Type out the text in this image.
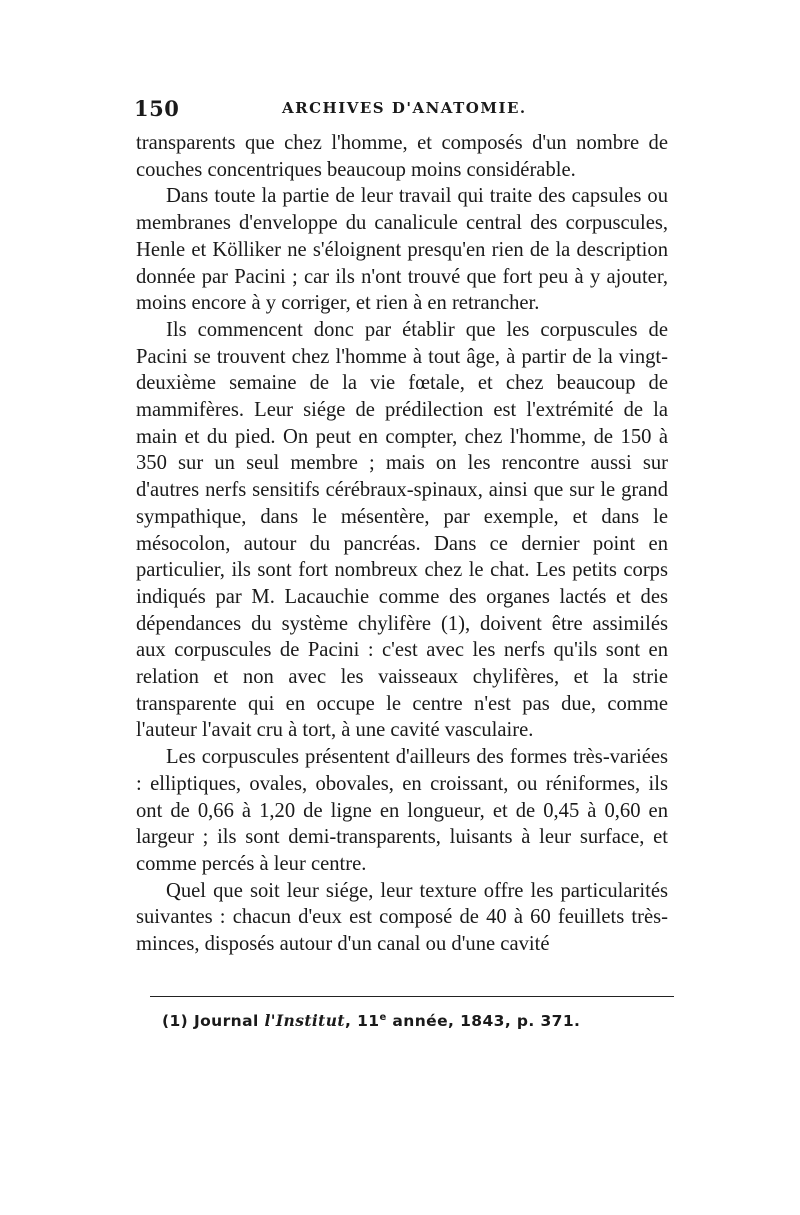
150	ARCHIVES D'ANATOMIE.

transparents que chez l'homme, et composés d'un nombre de couches concentriques beaucoup moins considérable.

Dans toute la partie de leur travail qui traite des capsules ou membranes d'enveloppe du canalicule central des corpuscules, Henle et Kölliker ne s'éloignent presqu'en rien de la description donnée par Pacini ; car ils n'ont trouvé que fort peu à y ajouter, moins encore à y corriger, et rien à en retrancher.

Ils commencent donc par établir que les corpuscules de Pacini se trouvent chez l'homme à tout âge, à partir de la vingt-deuxième semaine de la vie fœtale, et chez beaucoup de mammifères. Leur siége de prédilection est l'extrémité de la main et du pied. On peut en compter, chez l'homme, de 150 à 350 sur un seul membre ; mais on les rencontre aussi sur d'autres nerfs sensitifs cérébraux-spinaux, ainsi que sur le grand sympathique, dans le mésentère, par exemple, et dans le mésocolon, autour du pancréas. Dans ce dernier point en particulier, ils sont fort nombreux chez le chat. Les petits corps indiqués par M. Lacauchie comme des organes lactés et des dépendances du système chylifère (1), doivent être assimilés aux corpuscules de Pacini : c'est avec les nerfs qu'ils sont en relation et non avec les vaisseaux chylifères, et la strie transparente qui en occupe le centre n'est pas due, comme l'auteur l'avait cru à tort, à une cavité vasculaire.

Les corpuscules présentent d'ailleurs des formes très-variées : elliptiques, ovales, obovales, en croissant, ou réniformes, ils ont de 0,66 à 1,20 de ligne en longueur, et de 0,45 à 0,60 en largeur ; ils sont demi-transparents, luisants à leur surface, et comme percés à leur centre.

Quel que soit leur siége, leur texture offre les particularités suivantes : chacun d'eux est composé de 40 à 60 feuillets très-minces, disposés autour d'un canal ou d'une cavité

(1) Journal l'Institut, 11e année, 1843, p. 371.
